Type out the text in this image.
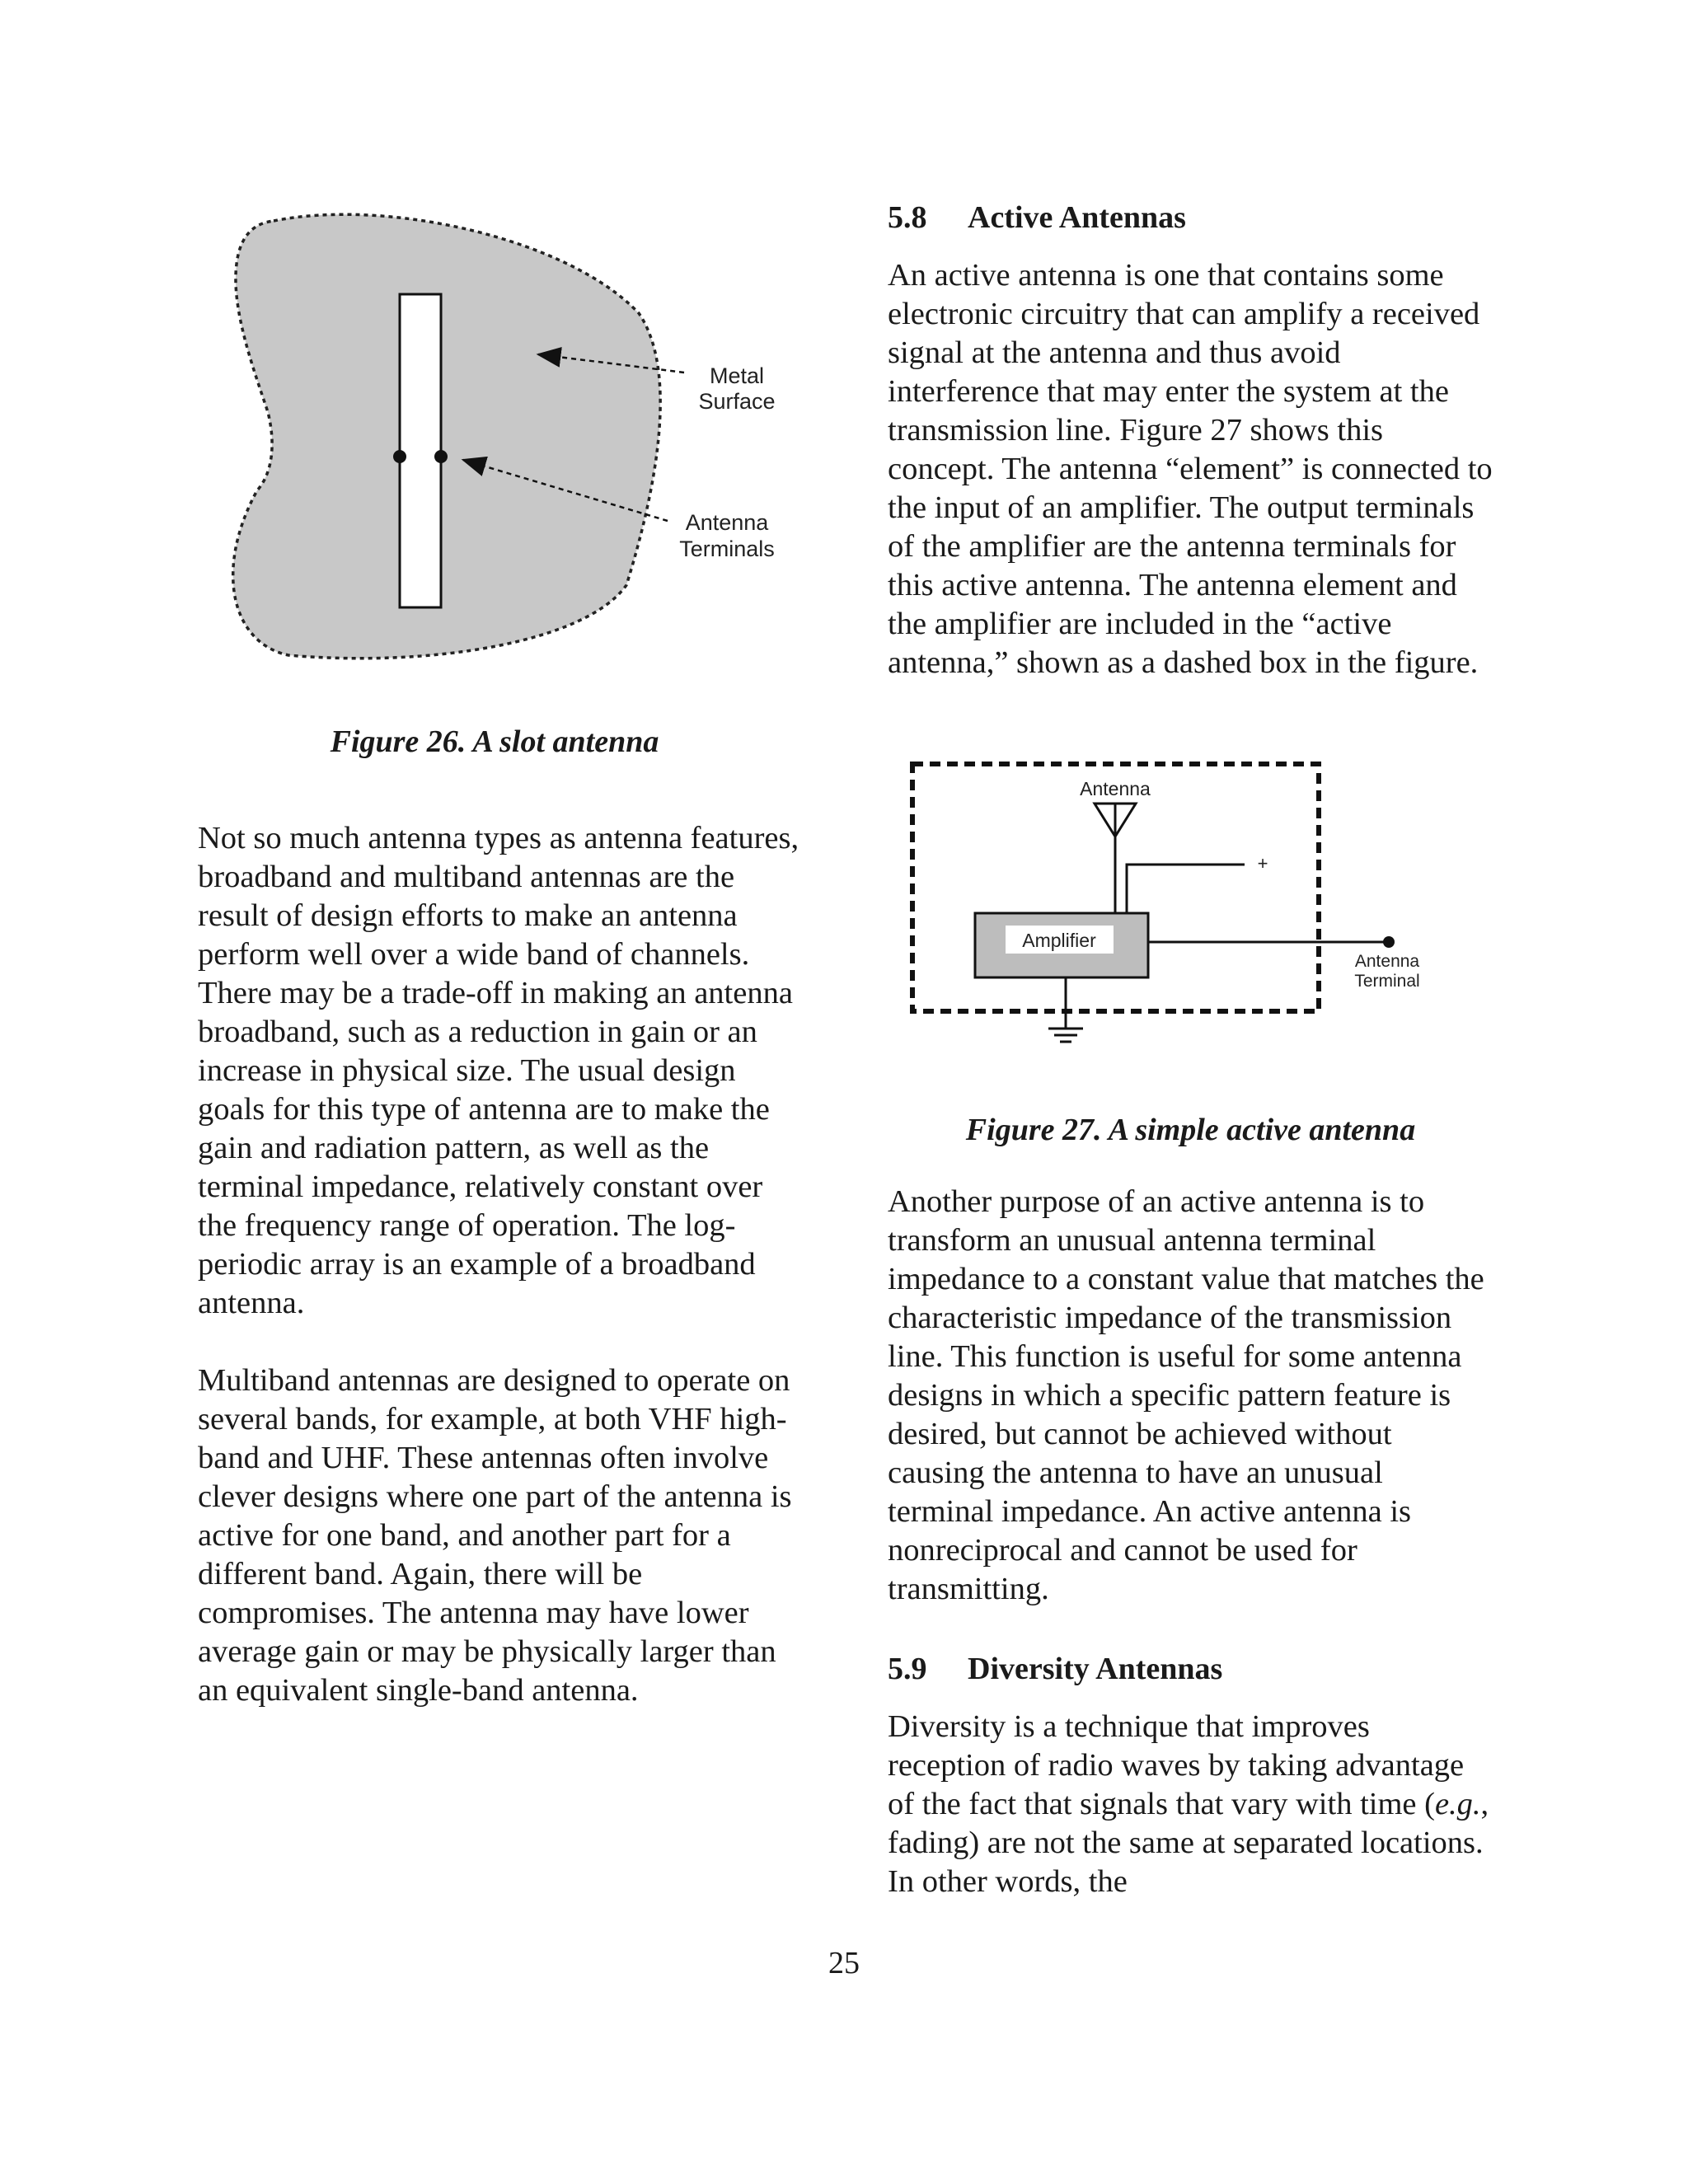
Metal
Surface
Antenna
Terminals

Figure 26. A slot antenna

Not so much antenna types as antenna features, broadband and multiband antennas are the result of design efforts to make an antenna perform well over a wide band of channels. There may be a trade-off in making an antenna broadband, such as a reduction in gain or an increase in physical size. The usual design goals for this type of antenna are to make the gain and radiation pattern, as well as the terminal impedance, relatively constant over the frequency range of operation. The log-periodic array is an example of a broadband antenna.

Multiband antennas are designed to operate on several bands, for example, at both VHF high-band and UHF. These antennas often involve clever designs where one part of the antenna is active for one band, and another part for a different band. Again, there will be compromises. The antenna may have lower average gain or may be physically larger than an equivalent single-band antenna.

5.8 Active Antennas

An active antenna is one that contains some electronic circuitry that can amplify a received signal at the antenna and thus avoid interference that may enter the system at the transmission line. Figure 27 shows this concept. The antenna “element” is connected to the input of an amplifier. The output terminals of the amplifier are the antenna terminals for this active antenna. The antenna element and the amplifier are included in the “active antenna,” shown as a dashed box in the figure.

Antenna
+
Amplifier
Antenna
Terminal

Figure 27. A simple active antenna

Another purpose of an active antenna is to transform an unusual antenna terminal impedance to a constant value that matches the characteristic impedance of the transmission line. This function is useful for some antenna designs in which a specific pattern feature is desired, but cannot be achieved without causing the antenna to have an unusual terminal impedance. An active antenna is nonreciprocal and cannot be used for transmitting.

5.9 Diversity Antennas

Diversity is a technique that improves reception of radio waves by taking advantage of the fact that signals that vary with time (e.g., fading) are not the same at separated locations. In other words, the

25
